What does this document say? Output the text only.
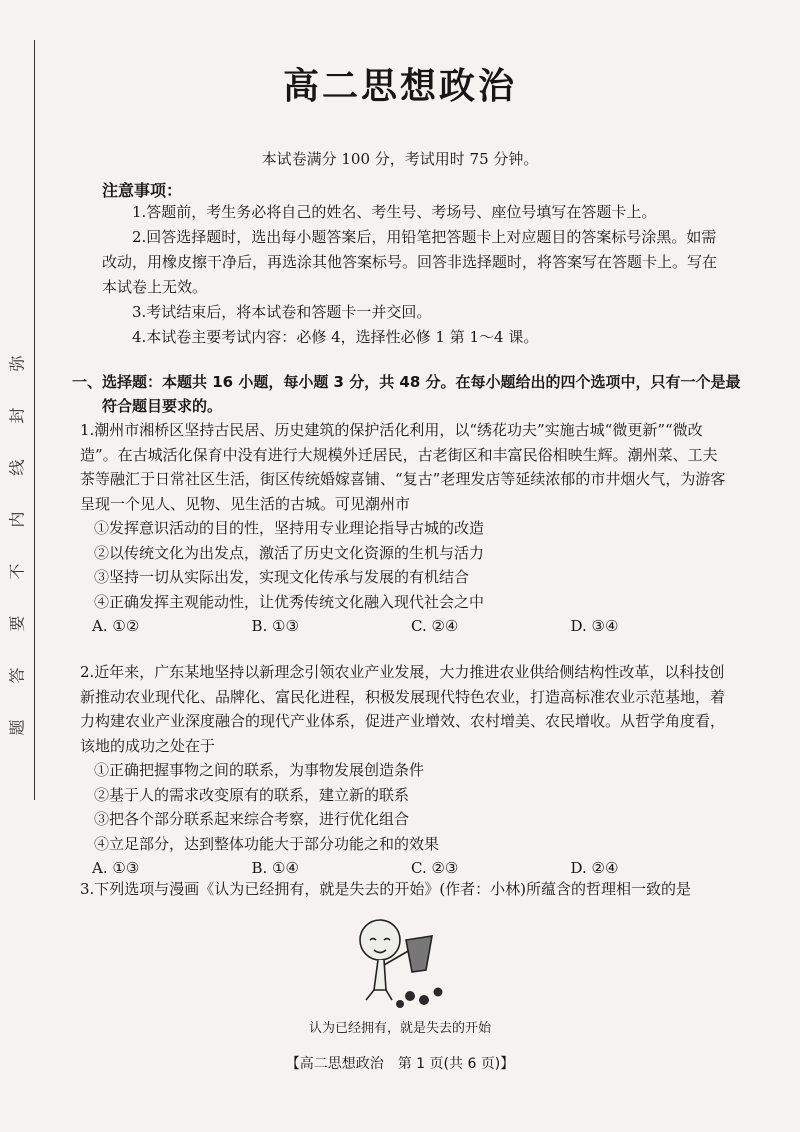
弥
封
线
内
不
要
答
题
高二思想政治
本试卷满分 100 分，考试用时 75 分钟。
注意事项：

1.答题前，考生务必将自己的姓名、考生号、考场号、座位号填写在答题卡上。

2.回答选择题时，选出每小题答案后，用铅笔把答题卡上对应题目的答案标号涂黑。如需改动，用橡皮擦干净后，再选涂其他答案标号。回答非选择题时，将答案写在答题卡上。写在本试卷上无效。

3.考试结束后，将本试卷和答题卡一并交回。

4.本试卷主要考试内容：必修 4，选择性必修 1 第 1～4 课。

一、选择题：本题共 16 小题，每小题 3 分，共 48 分。在每小题给出的四个选项中，只有一个是最
符合题目要求的。

1.潮州市湘桥区坚持古民居、历史建筑的保护活化利用，以“绣花功夫”实施古城“微更新”“微改造”。在古城活化保育中没有进行大规模外迁居民，古老街区和丰富民俗相映生辉。潮州菜、工夫茶等融汇于日常社区生活，街区传统婚嫁喜铺、“复古”老理发店等延续浓郁的市井烟火气，为游客呈现一个见人、见物、见生活的古城。可见潮州市

①发挥意识活动的目的性，坚持用专业理论指导古城的改造

②以传统文化为出发点，激活了历史文化资源的生机与活力

③坚持一切从实际出发，实现文化传承与发展的有机结合

④正确发挥主观能动性，让优秀传统文化融入现代社会之中

A. ①②	B. ①③	C. ②④	D. ③④

2.近年来，广东某地坚持以新理念引领农业产业发展，大力推进农业供给侧结构性改革，以科技创新推动农业现代化、品牌化、富民化进程，积极发展现代特色农业，打造高标准农业示范基地，着力构建农业产业深度融合的现代产业体系，促进产业增效、农村增美、农民增收。从哲学角度看，该地的成功之处在于

①正确把握事物之间的联系，为事物发展创造条件

②基于人的需求改变原有的联系，建立新的联系

③把各个部分联系起来综合考察，进行优化组合

④立足部分，达到整体功能大于部分功能之和的效果

A. ①③	B. ①④	C. ②③	D. ②④

3.下列选项与漫画《认为已经拥有，就是失去的开始》(作者：小林)所蕴含的哲理相一致的是

认为已经拥有，就是失去的开始
【高二思想政治　第 1 页(共 6 页)】
